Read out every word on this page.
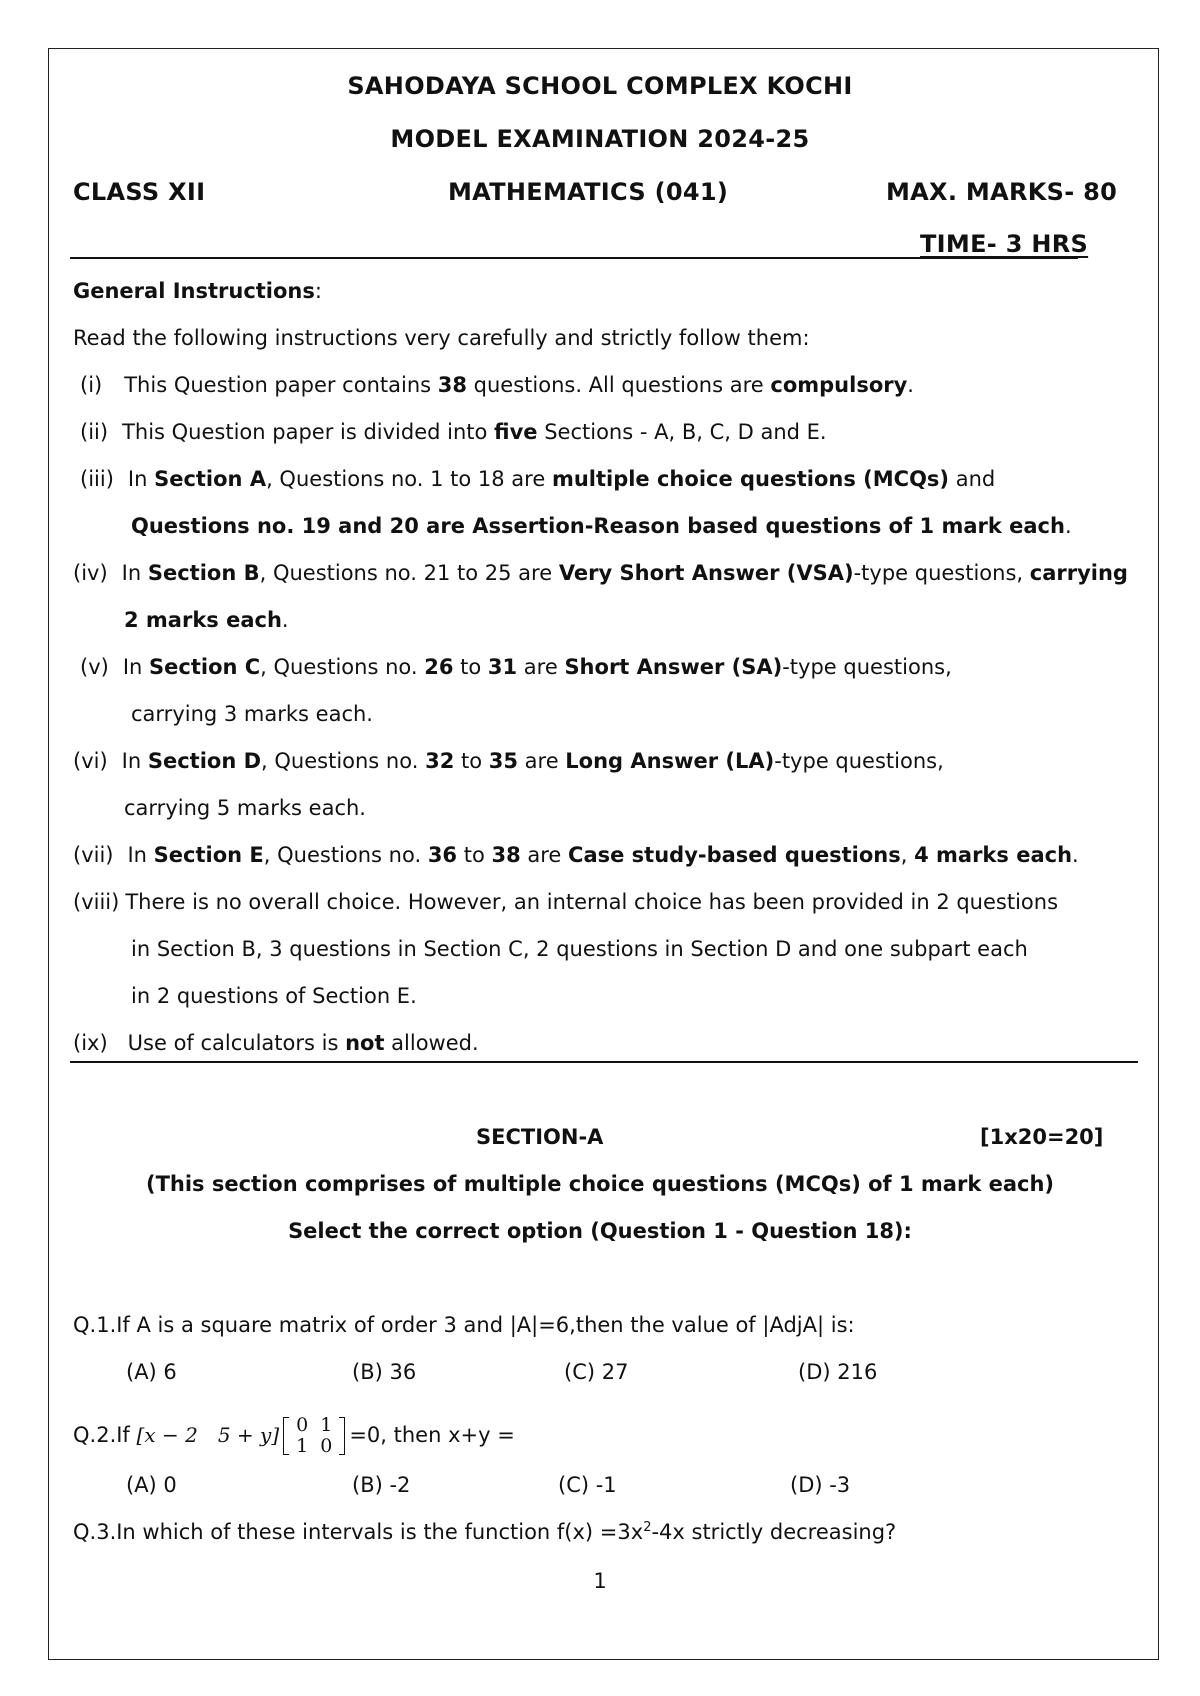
SAHODAYA SCHOOL COMPLEX KOCHI
MODEL EXAMINATION 2024-25
CLASS XII	MATHEMATICS (041)	MAX. MARKS- 80
TIME- 3 HRS
General Instructions:
Read the following instructions very carefully and strictly follow them:
(i) This Question paper contains 38 questions. All questions are compulsory.
(ii) This Question paper is divided into five Sections - A, B, C, D and E.
(iii) In Section A, Questions no. 1 to 18 are multiple choice questions (MCQs) and
Questions no. 19 and 20 are Assertion-Reason based questions of 1 mark each.
(iv) In Section B, Questions no. 21 to 25 are Very Short Answer (VSA)-type questions, carrying
2 marks each.
(v) In Section C, Questions no. 26 to 31 are Short Answer (SA)-type questions,
carrying 3 marks each.
(vi) In Section D, Questions no. 32 to 35 are Long Answer (LA)-type questions,
carrying 5 marks each.
(vii) In Section E, Questions no. 36 to 38 are Case study-based questions, 4 marks each.
(viii) There is no overall choice. However, an internal choice has been provided in 2 questions
in Section B, 3 questions in Section C, 2 questions in Section D and one subpart each
in 2 questions of Section E.
(ix) Use of calculators is not allowed.
SECTION-A	[1x20=20]
(This section comprises of multiple choice questions (MCQs) of 1 mark each)
Select the correct option (Question 1 - Question 18):
Q.1.If A is a square matrix of order 3 and |A|=6,then the value of |AdjA| is:
(A) 6	(B) 36	(C) 27	(D) 216
Q.2.If [x − 2 5 + y] 0	1
1	0 =0, then x+y =
(A) 0	(B) -2	(C) -1	(D) -3
Q.3.In which of these intervals is the function $f(x) =3x^2-4x$ strictly decreasing?
1
